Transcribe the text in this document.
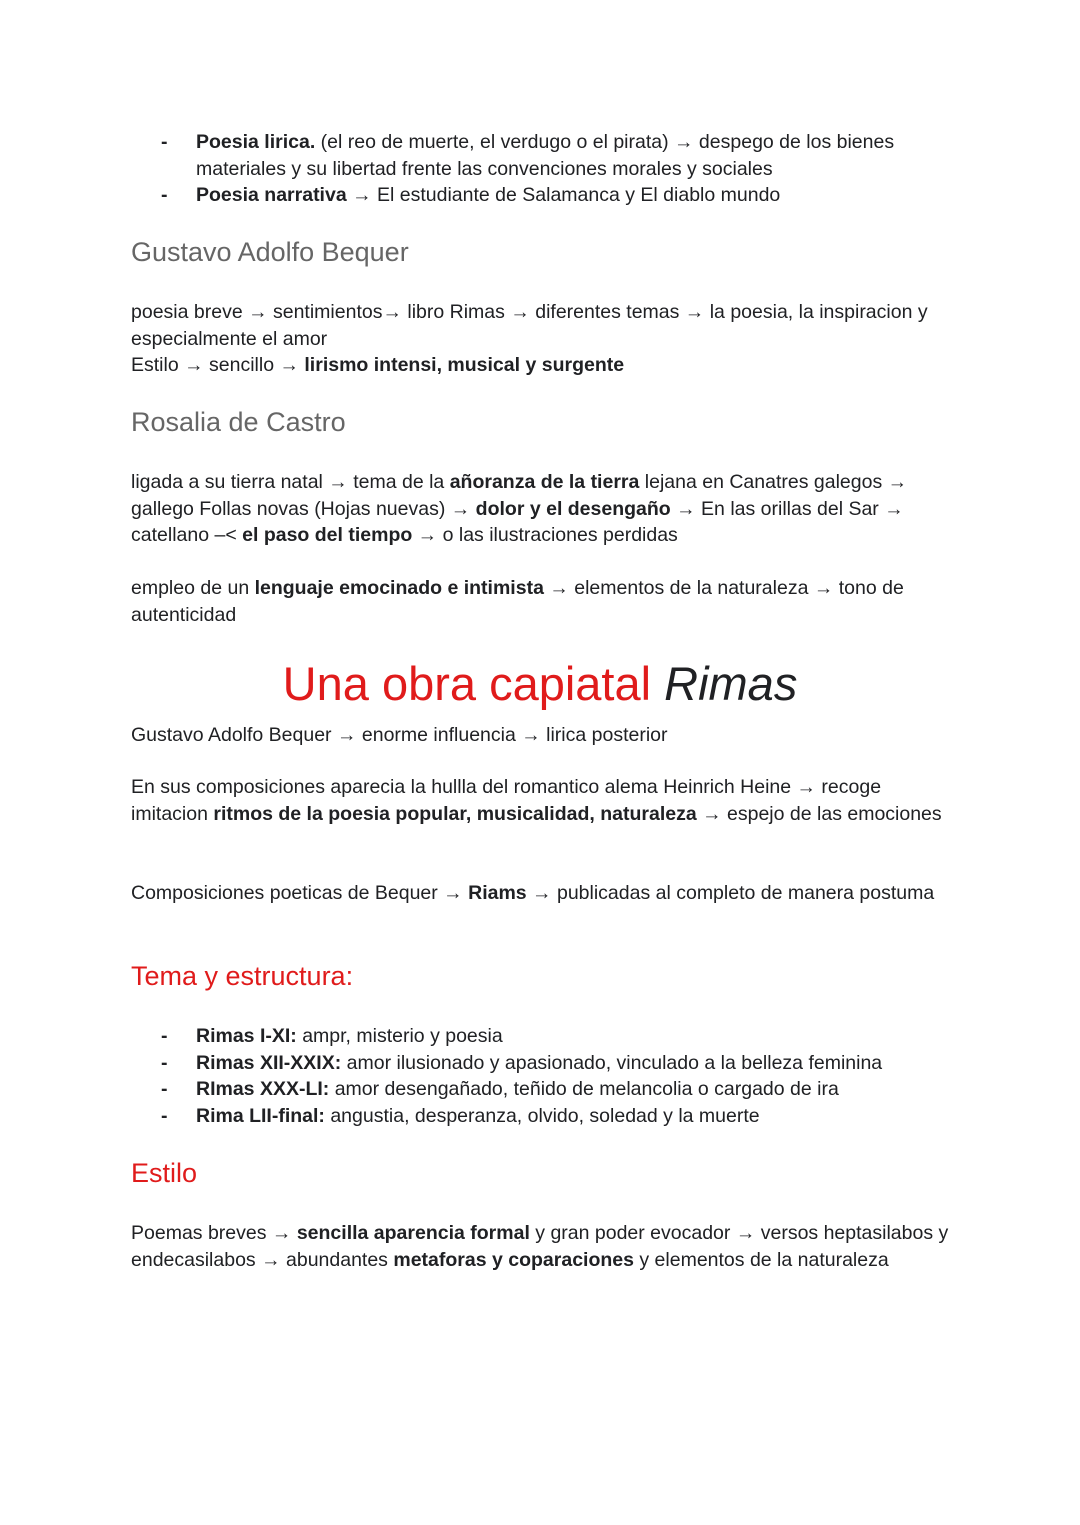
- Poesia lirica. (el reo de muerte, el verdugo o el pirata) → despego de los bienes materiales y su libertad frente las convenciones morales y sociales
- Poesia narrativa → El estudiante de Salamanca y El diablo mundo
Gustavo Adolfo Bequer

poesia breve → sentimientos→ libro Rimas → diferentes temas → la poesia, la inspiracion y especialmente el amor
Estilo → sencillo → lirismo intensi, musical y surgente

Rosalia de Castro

ligada a su tierra natal → tema de la añoranza de la tierra lejana en Canatres galegos → gallego Follas novas (Hojas nuevas) → dolor y el desengaño → En las orillas del Sar → catellano –< el paso del tiempo → o las ilustraciones perdidas

empleo de un lenguaje emocinado e intimista → elementos de la naturaleza → tono de autenticidad

Una obra capiatal Rimas

Gustavo Adolfo Bequer → enorme influencia → lirica posterior

En sus composiciones aparecia la hullla del romantico alema Heinrich Heine → recoge imitacion ritmos de la poesia popular, musicalidad, naturaleza → espejo de las emociones

Composiciones poeticas de Bequer → Riams → publicadas al completo de manera postuma

Tema y estructura:
- Rimas I-XI: ampr, misterio y poesia
- Rimas XII-XXIX: amor ilusionado y apasionado, vinculado a la belleza feminina
- RImas XXX-LI: amor desengañado, teñido de melancolia o cargado de ira
- Rima LII-final: angustia, desperanza, olvido, soledad y la muerte
Estilo

Poemas breves → sencilla aparencia formal y gran poder evocador → versos heptasilabos y endecasilabos → abundantes metaforas y coparaciones y elementos de la naturaleza
